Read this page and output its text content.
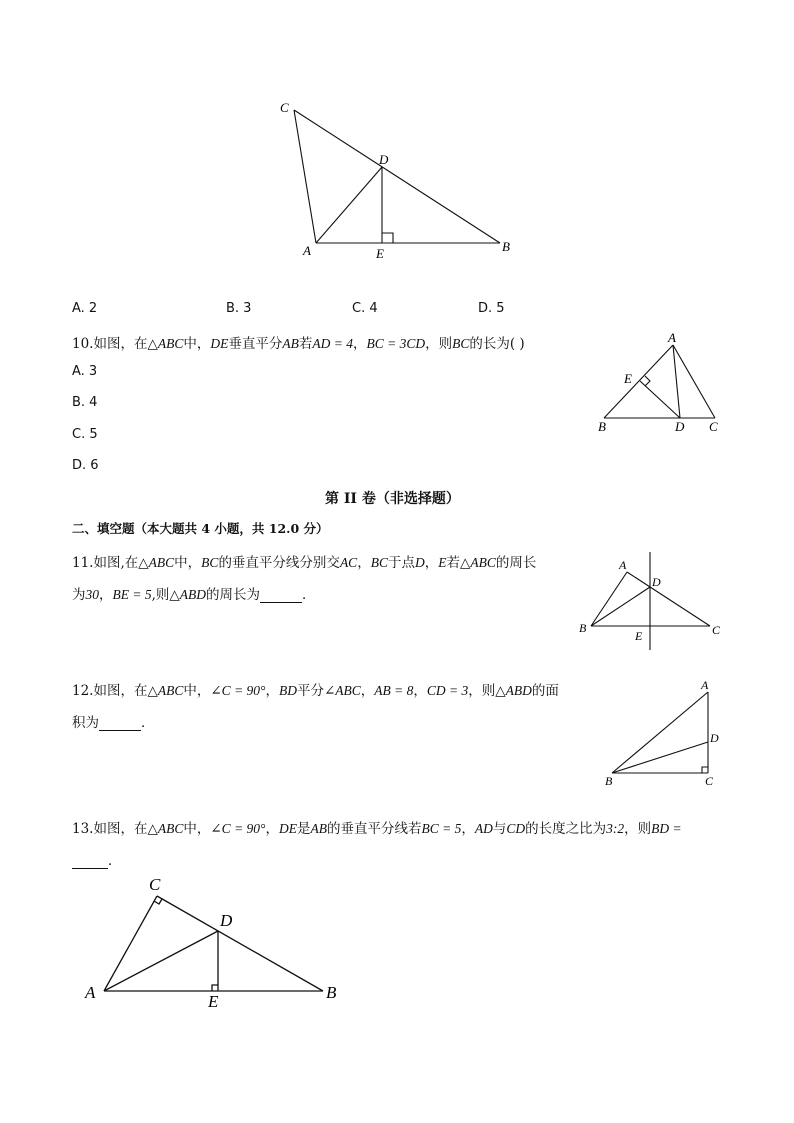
C
D
A	E	B
A. 2	B. 3	C. 4	D. 5
10.如图，在△ABC中，DE垂直平分AB若AD = 4，BC = 3CD，则BC的长为( )
A. 3
B. 4
C. 5
D. 6
A
E
B	D C
第 II 卷（非选择题）
二、填空题（本大题共 4 小题，共 12.0 分）
11.如图,在△ABC中，BC的垂直平分线分别交AC，BC于点D，E若△ABC的周长
为30，BE = 5,则△ABD的周长为	．
A
D
B
E	C
12.如图，在△ABC中，∠C = 90°，BD平分∠ABC，AB = 8，CD = 3，则△ABD的面
积为	．
A
D
B	C
13.如图，在△ABC中，∠C = 90°，DE是AB的垂直平分线若BC = 5，AD与CD的长度之比为3:2，则BD =
．
C
D
A	E	B
